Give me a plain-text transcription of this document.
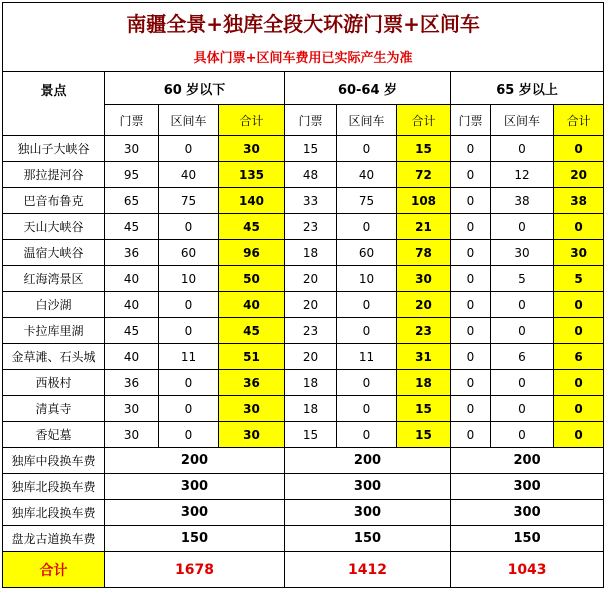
南疆全景+独库全段大环游门票+区间车									
具体门票+区间车费用已实际产生为准									
景点	60 岁以下			60-64 岁			65 岁以上		
	门票	区间车	合计	门票	区间车	合计	门票	区间车	合计
独山子大峡谷	30	0	30	15	0	15	0	0	0
那拉提河谷	95	40	135	48	40	72	0	12	20
巴音布鲁克	65	75	140	33	75	108	0	38	38
天山大峡谷	45	0	45	23	0	21	0	0	0
温宿大峡谷	36	60	96	18	60	78	0	30	30
红海湾景区	40	10	50	20	10	30	0	5	5
白沙湖	40	0	40	20	0	20	0	0	0
卡拉库里湖	45	0	45	23	0	23	0	0	0
金草滩、石头城	40	11	51	20	11	31	0	6	6
西极村	36	0	36	18	0	18	0	0	0
清真寺	30	0	30	18	0	15	0	0	0
香妃墓	30	0	30	15	0	15	0	0	0
独库中段换车费	200			200			200		
独库北段换车费	300			300			300		
独库北段换车费	300			300			300		
盘龙古道换车费	150			150			150		
合计	1678			1412			1043		
